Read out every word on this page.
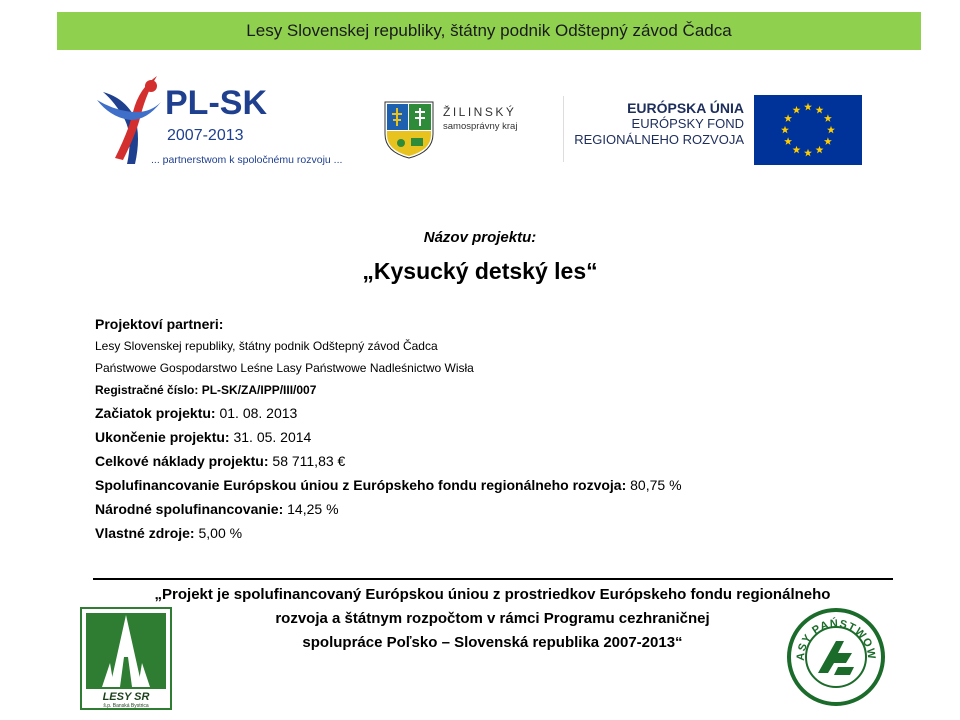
Lesy Slovenskej republiky, štátny podnik Odštepný závod Čadca
PL-SK
2007-2013
... partnerstwom k spoločnému rozvoju ...
ŽILINSKÝ
samosprávny kraj
EURÓPSKA ÚNIA
EURÓPSKY FOND
REGIONÁLNEHO ROZVOJA
Názov projektu:
„Kysucký detský les“
Projektoví partneri:
Lesy Slovenskej republiky, štátny podnik Odštepný závod Čadca
Państwowe Gospodarstwo Leśne Lasy Państwowe Nadleśnictwo Wisła
Registračné číslo: PL-SK/ZA/IPP/III/007
Začiatok projektu: 01. 08. 2013
Ukončenie projektu: 31. 05. 2014
Celkové náklady projektu: 58 711,83 €
Spolufinancovanie Európskou úniou z Európskeho fondu regionálneho rozvoja: 80,75 %
Národné spolufinancovanie: 14,25 %
Vlastné zdroje: 5,00 %
„Projekt je spolufinancovaný Európskou úniou z prostriedkov Európskeho fondu regionálneho
rozvoja a štátnym rozpočtom v rámci Programu cezhraničnej
spolupráce Poľsko – Slovenská republika 2007-2013“
LESY SR
š.p. Banská Bystrica
ASY PAŃSTWOW
